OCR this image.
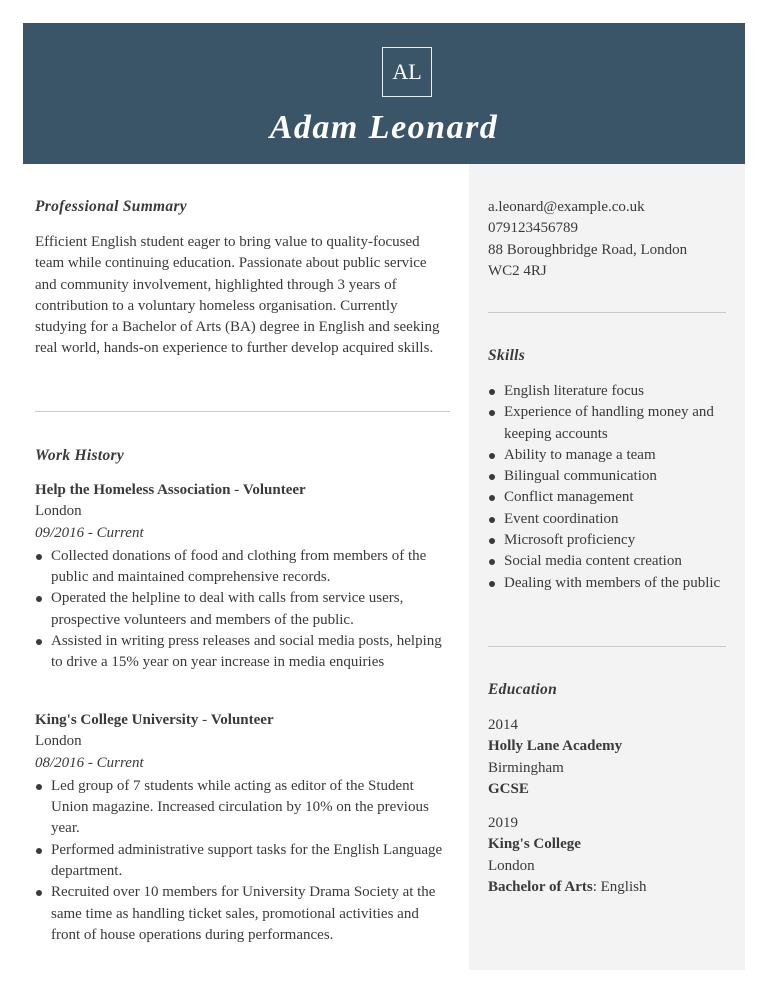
AL
Adam Leonard
Professional Summary
Efficient English student eager to bring value to quality-focused team while continuing education. Passionate about public service and community involvement, highlighted through 3 years of contribution to a voluntary homeless organisation. Currently studying for a Bachelor of Arts (BA) degree in English and seeking real world, hands-on experience to further develop acquired skills.
Work History
Help the Homeless Association - Volunteer
London
09/2016 - Current
Collected donations of food and clothing from members of the public and maintained comprehensive records.
Operated the helpline to deal with calls from service users, prospective volunteers and members of the public.
Assisted in writing press releases and social media posts, helping to drive a 15% year on year increase in media enquiries
King's College University - Volunteer
London
08/2016 - Current
Led group of 7 students while acting as editor of the Student Union magazine. Increased circulation by 10% on the previous year.
Performed administrative support tasks for the English Language department.
Recruited over 10 members for University Drama Society at the same time as handling ticket sales, promotional activities and front of house operations during performances.
a.leonard@example.co.uk
079123456789
88 Boroughbridge Road, London
WC2 4RJ
Skills
English literature focus
Experience of handling money and keeping accounts
Ability to manage a team
Bilingual communication
Conflict management
Event coordination
Microsoft proficiency
Social media content creation
Dealing with members of the public
Education
2014
Holly Lane Academy
Birmingham
GCSE
2019
King's College
London
Bachelor of Arts: English
